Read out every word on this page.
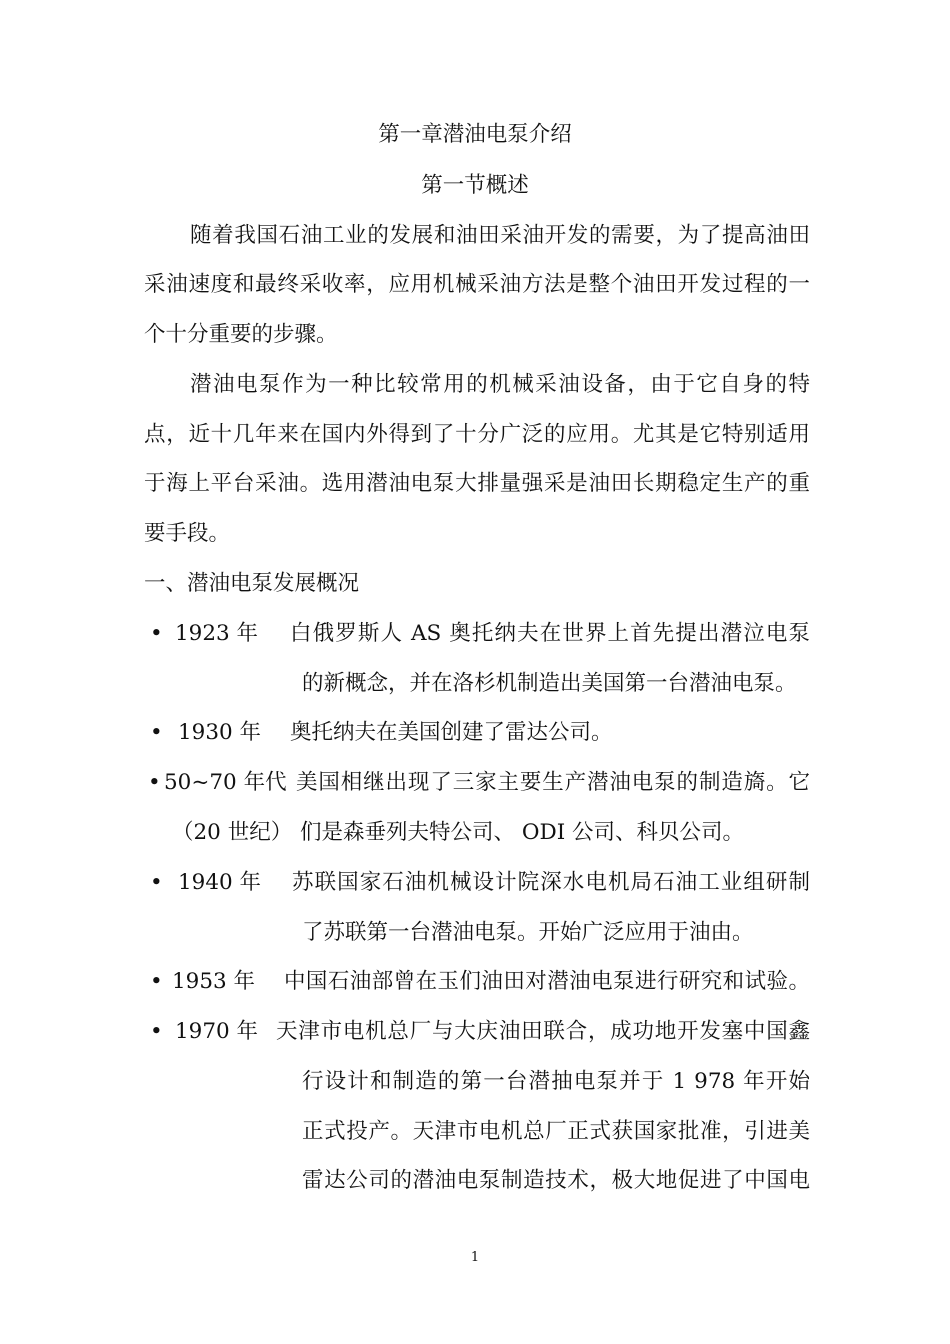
第一章潜油电泵介绍
第一节概述
随着我国石油工业的发展和油田采油开发的需要，为了提高油田
采油速度和最终采收率，应用机械采油方法是整个油田开发过程的一
个十分重要的步骤。
潜油电泵作为一种比较常用的机械采油设备，由于它自身的特
点，近十几年来在国内外得到了十分广泛的应用。尤其是它特别适用
于海上平台采油。选用潜油电泵大排量强采是油田长期稳定生产的重
要手段。
一、潜油电泵发展概况
• 1923 年 白俄罗斯人 AS 奥托纳夫在世界上首先提出潜泣电泵
的新概念，并在洛杉机制造出美国第一台潜油电泵。
• 1930 年 奥托纳夫在美国创建了雷达公司。
• 50~70 年代
（20 世纪）
美国相继出现了三家主要生产潜油电泵的制造旖。它
们是森垂列夫特公司、 ODI 公司、科贝公司。
• 1940 年 苏联国家石油机械设计院深水电机局石油工业组研制
了苏联第一台潜油电泵。开始广泛应用于油由。
• 1953 年 中国石油部曾在玉们油田对潜油电泵进行研究和试验。
• 1970 年 天津市电机总厂与大庆油田联合，成功地开发塞中国鑫
行设计和制造的第一台潜抽电泵并于 1 978 年开始
正式投产。天津市电机总厂正式获国家批准，引进美
雷达公司的潜油电泵制造技术，极大地促进了中国电
1
